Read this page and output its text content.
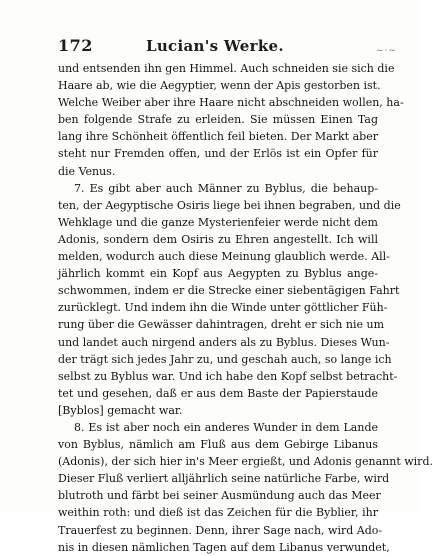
172	Lucian's Werke.	~·~
und entsenden ihn gen Himmel. Auch schneiden sie sich die
Haare ab, wie die Aegyptier, wenn der Apis gestorben ist.
Welche Weiber aber ihre Haare nicht abschneiden wollen, ha-
ben folgende Strafe zu erleiden. Sie müssen Einen Tag
lang ihre Schönheit öffentlich feil bieten. Der Markt aber
steht nur Fremden offen, und der Erlös ist ein Opfer für
die Venus.
7. Es gibt aber auch Männer zu Byblus, die behaup-
ten, der Aegyptische Osiris liege bei ihnen begraben, und die
Wehklage und die ganze Mysterienfeier werde nicht dem
Adonis, sondern dem Osiris zu Ehren angestellt. Ich will
melden, wodurch auch diese Meinung glaublich werde. All-
jährlich kommt ein Kopf aus Aegypten zu Byblus ange-
schwommen, indem er die Strecke einer siebentägigen Fahrt
zurücklegt. Und indem ihn die Winde unter göttlicher Füh-
rung über die Gewässer dahintragen, dreht er sich nie um
und landet auch nirgend anders als zu Byblus. Dieses Wun-
der trägt sich jedes Jahr zu, und geschah auch, so lange ich
selbst zu Byblus war. Und ich habe den Kopf selbst betracht-
tet und gesehen, daß er aus dem Baste der Papierstaude
[Byblos] gemacht war.
8. Es ist aber noch ein anderes Wunder in dem Lande
von Byblus, nämlich am Fluß aus dem Gebirge Libanus
(Adonis), der sich hier in's Meer ergießt, und Adonis genannt wird.
Dieser Fluß verliert alljährlich seine natürliche Farbe, wird
blutroth und färbt bei seiner Ausmündung auch das Meer
weithin roth: und dieß ist das Zeichen für die Byblier, ihr
Trauerfest zu beginnen. Denn, ihrer Sage nach, wird Ado-
nis in diesen nämlichen Tagen auf dem Libanus verwundet,
